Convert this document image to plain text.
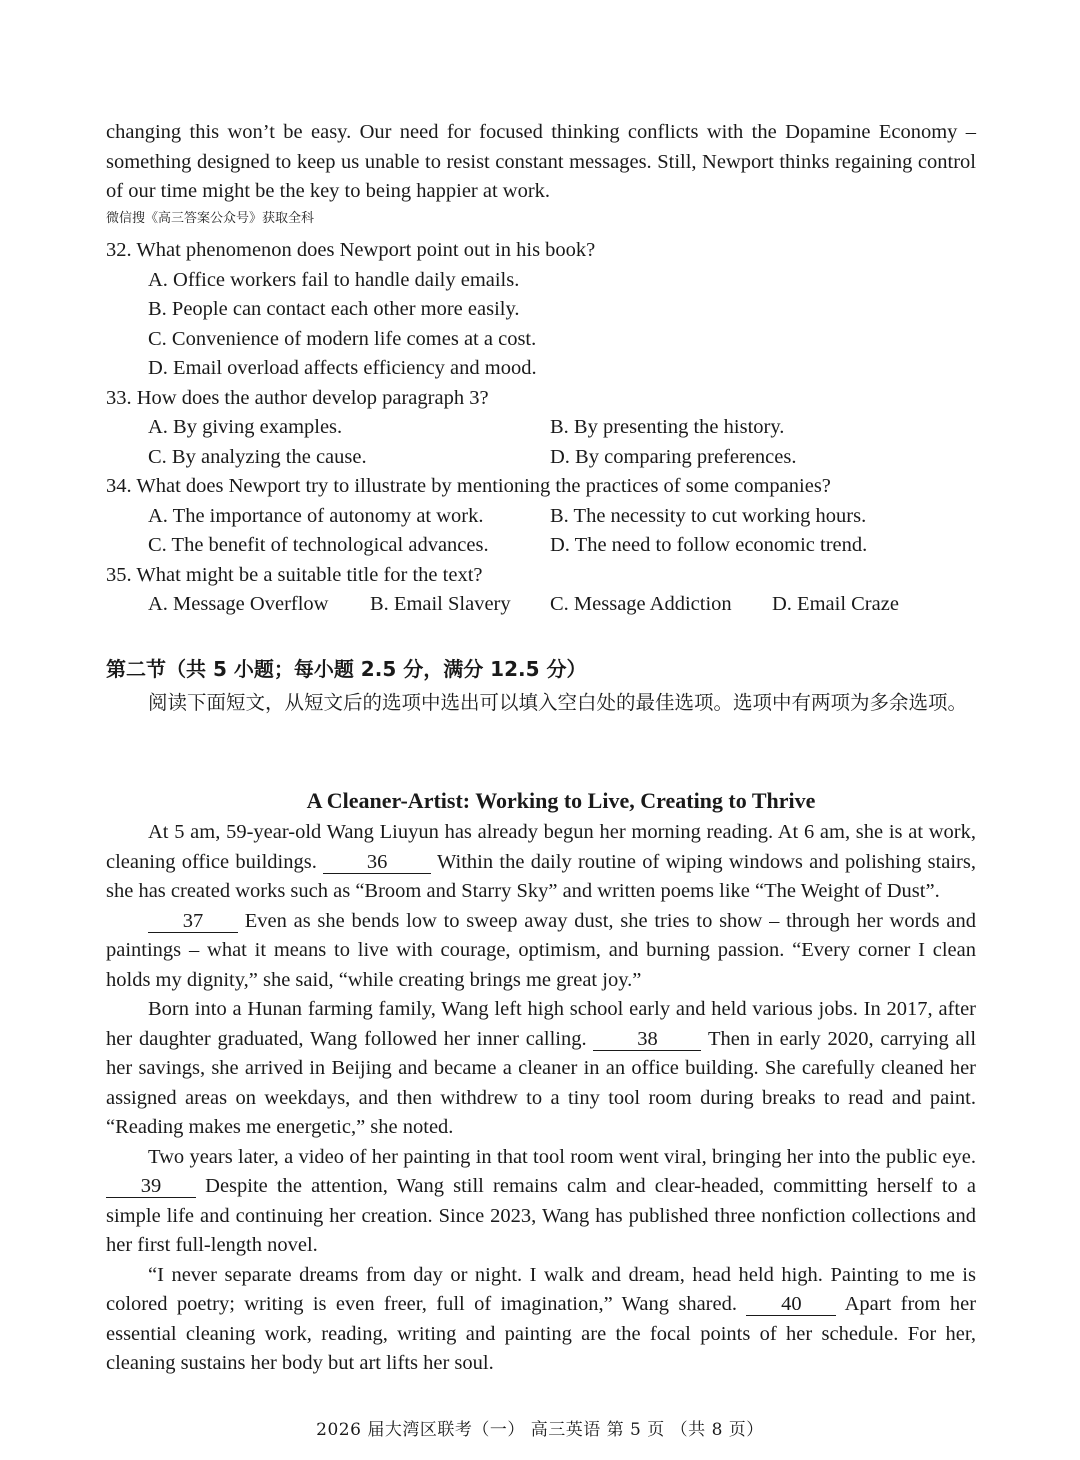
changing this won’t be easy. Our need for focused thinking conflicts with the Dopamine Economy – something designed to keep us unable to resist constant messages. Still, Newport thinks regaining control of our time might be the key to being happier at work.

微信搜《高三答案公众号》获取全科
32. What phenomenon does Newport point out in his book?
A. Office workers fail to handle daily emails.
B. People can contact each other more easily.
C. Convenience of modern life comes at a cost.
D. Email overload affects efficiency and mood.
33. How does the author develop paragraph 3?
A. By giving examples.	B. By presenting the history.
C. By analyzing the cause.	D. By comparing preferences.
34. What does Newport try to illustrate by mentioning the practices of some companies?
A. The importance of autonomy at work.	B. The necessity to cut working hours.
C. The benefit of technological advances.	D. The need to follow economic trend.
35. What might be a suitable title for the text?
A. Message Overflow	B. Email Slavery	C. Message Addiction	D. Email Craze
第二节（共 5 小题；每小题 2.5 分，满分 12.5 分）
阅读下面短文，从短文后的选项中选出可以填入空白处的最佳选项。选项中有两项为多余选项。
A Cleaner-Artist: Working to Live, Creating to Thrive

At 5 am, 59-year-old Wang Liuyun has already begun her morning reading. At 6 am, she is at work, cleaning office buildings. 36 Within the daily routine of wiping windows and polishing stairs, she has created works such as “Broom and Starry Sky” and written poems like “The Weight of Dust”.

37 Even as she bends low to sweep away dust, she tries to show – through her words and paintings – what it means to live with courage, optimism, and burning passion. “Every corner I clean holds my dignity,” she said, “while creating brings me great joy.”

Born into a Hunan farming family, Wang left high school early and held various jobs. In 2017, after her daughter graduated, Wang followed her inner calling. 38 Then in early 2020, carrying all her savings, she arrived in Beijing and became a cleaner in an office building. She carefully cleaned her assigned areas on weekdays, and then withdrew to a tiny tool room during breaks to read and paint. “Reading makes me energetic,” she noted.

Two years later, a video of her painting in that tool room went viral, bringing her into the public eye. 39 Despite the attention, Wang still remains calm and clear-headed, committing herself to a simple life and continuing her creation. Since 2023, Wang has published three nonfiction collections and her first full-length novel.

“I never separate dreams from day or night. I walk and dream, head held high. Painting to me is colored poetry; writing is even freer, full of imagination,” Wang shared. 40 Apart from her essential cleaning work, reading, writing and painting are the focal points of her schedule. For her, cleaning sustains her body but art lifts her soul.

2026 届大湾区联考（一） 高三英语 第 5 页 （共 8 页）
